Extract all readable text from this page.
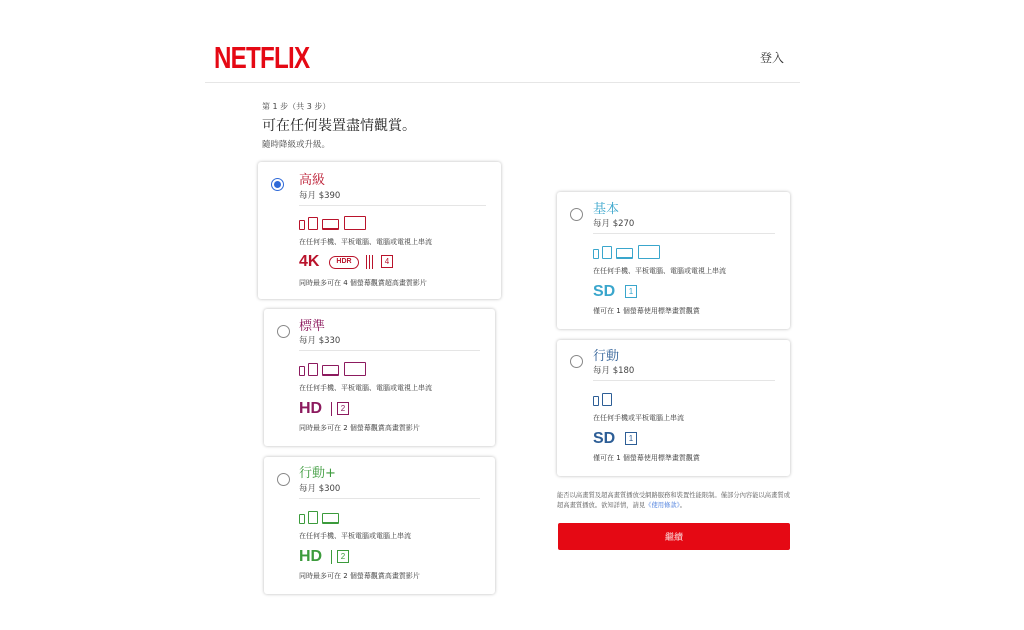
NETFLIX	登入
第 1 步（共 3 步）
可在任何裝置盡情觀賞。
隨時降級或升級。
高級
每月 $390
在任何手機、平板電腦、電腦或電視上串流
4K	HDR	4
同時最多可在 4 個螢幕觀賞超高畫質影片
標準
每月 $330
在任何手機、平板電腦、電腦或電視上串流
HD	2
同時最多可在 2 個螢幕觀賞高畫質影片
行動+
每月 $300
在任何手機、平板電腦或電腦上串流
HD	2
同時最多可在 2 個螢幕觀賞高畫質影片
基本
每月 $270
在任何手機、平板電腦、電腦或電視上串流
SD	1
僅可在 1 個螢幕使用標準畫質觀賞
行動
每月 $180
在任何手機或平板電腦上串流
SD	1
僅可在 1 個螢幕使用標準畫質觀賞
能否以高畫質及超高畫質播放受網路服務和裝置性能限制。僅部分內容能以高畫質或超高畫質播放。欲知詳情，請見《使用條款》。
繼續
